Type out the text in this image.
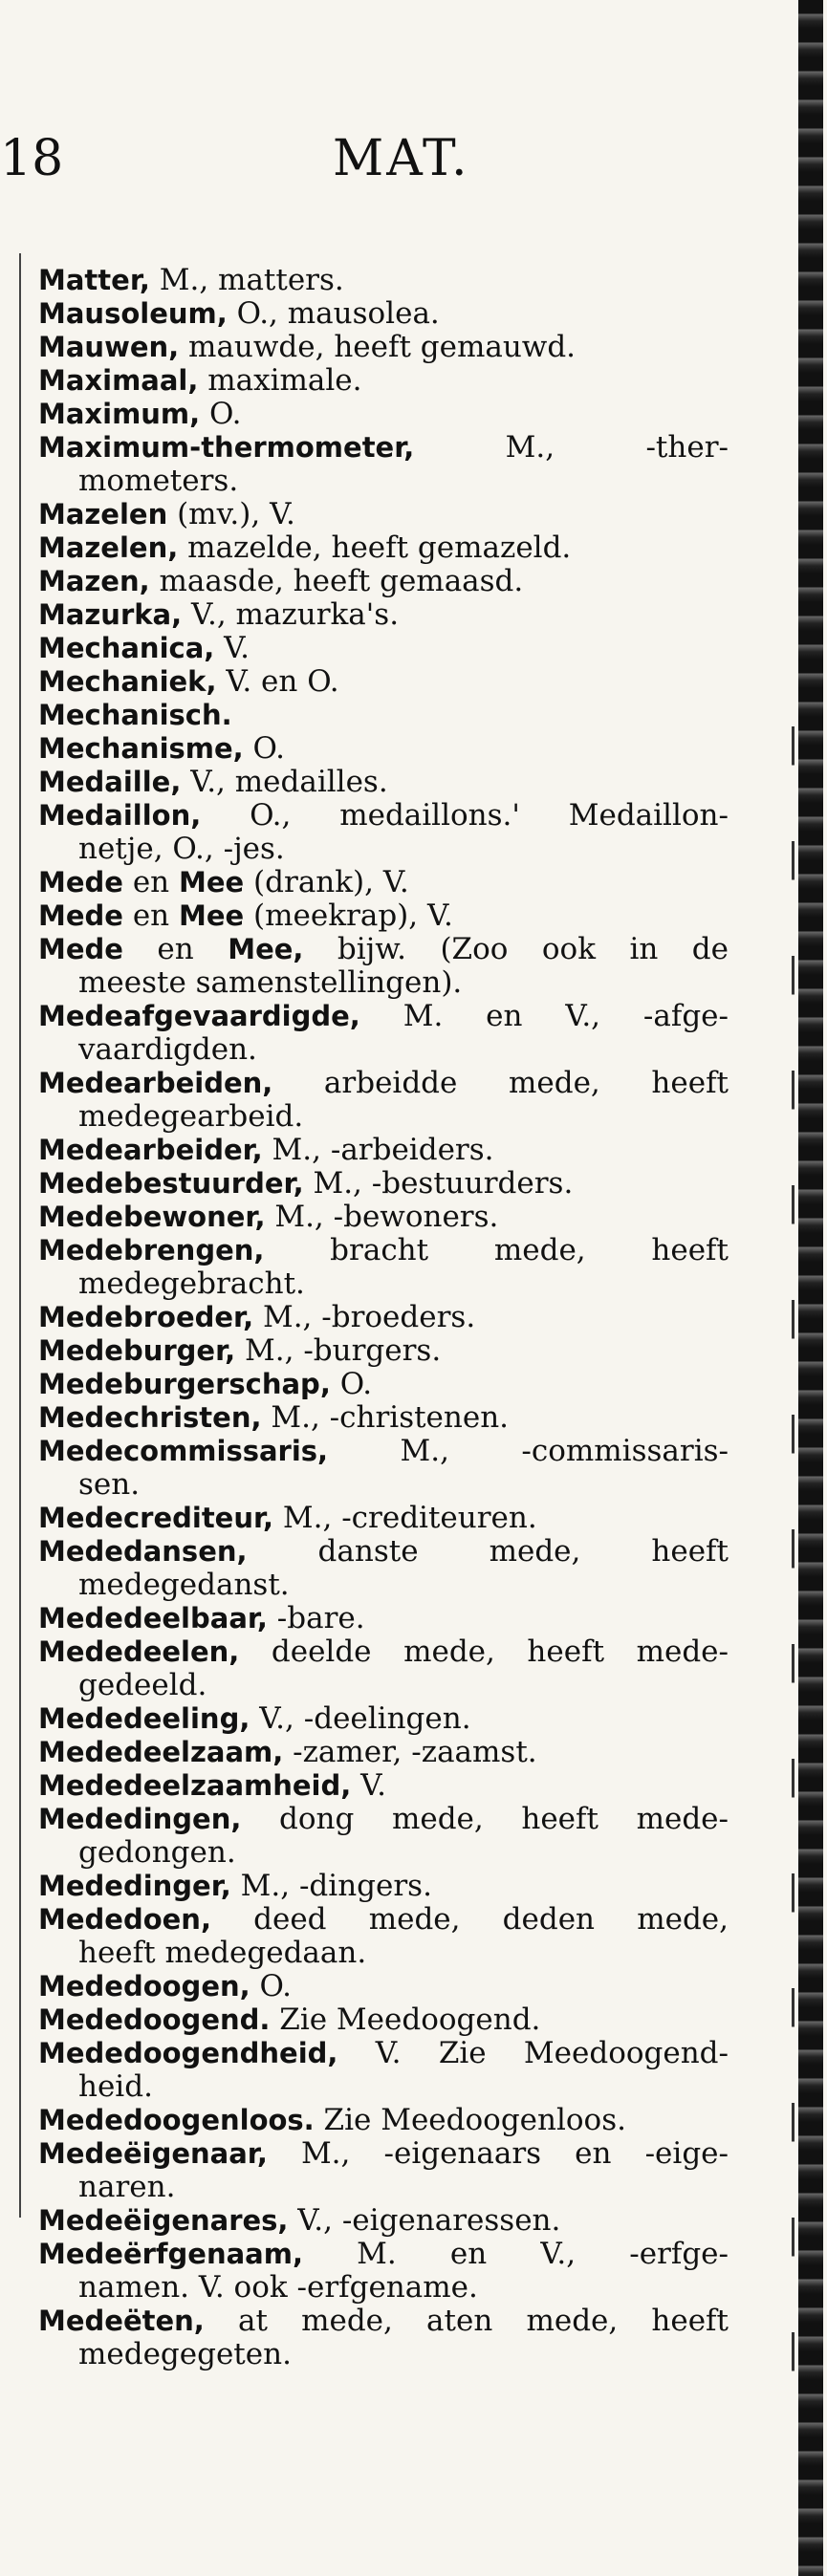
18	MAT.
Matter, M., matters.
Mausoleum, O., mausolea.
Mauwen, mauwde, heeft gemauwd.
Maximaal, maximale.
Maximum, O.
Maximum-thermometer, M., -ther-
mometers.
Mazelen (mv.), V.
Mazelen, mazelde, heeft gemazeld.
Mazen, maasde, heeft gemaasd.
Mazurka, V., mazurka's.
Mechanica, V.
Mechaniek, V. en O.
Mechanisch.
Mechanisme, O.
Medaille, V., medailles.
Medaillon, O., medaillons.' Medaillon-
netje, O., -jes.
Mede en Mee (drank), V.
Mede en Mee (meekrap), V.
Mede en Mee, bijw. (Zoo ook in de
meeste samenstellingen).
Medeafgevaardigde, M. en V., -afge-
vaardigden.
Medearbeiden, arbeidde mede, heeft
medegearbeid.
Medearbeider, M., -arbeiders.
Medebestuurder, M., -bestuurders.
Medebewoner, M., -bewoners.
Medebrengen, bracht mede, heeft
medegebracht.
Medebroeder, M., -broeders.
Medeburger, M., -burgers.
Medeburgerschap, O.
Medechristen, M., -christenen.
Medecommissaris, M., -commissaris-
sen.
Medecrediteur, M., -crediteuren.
Mededansen, danste mede, heeft
medegedanst.
Mededeelbaar, -bare.
Mededeelen, deelde mede, heeft mede-
gedeeld.
Mededeeling, V., -deelingen.
Mededeelzaam, -zamer, -zaamst.
Mededeelzaamheid, V.
Mededingen, dong mede, heeft mede-
gedongen.
Mededinger, M., -dingers.
Mededoen, deed mede, deden mede,
heeft medegedaan.
Mededoogen, O.
Mededoogend. Zie Meedoogend.
Mededoogendheid, V. Zie Meedoogend-
heid.
Mededoogenloos. Zie Meedoogenloos.
Medeëigenaar, M., -eigenaars en -eige-
naren.
Medeëigenares, V., -eigenaressen.
Medeërfgenaam, M. en V., -erfge-
namen. V. ook -erfgename.
Medeëten, at mede, aten mede, heeft
medegegeten.
